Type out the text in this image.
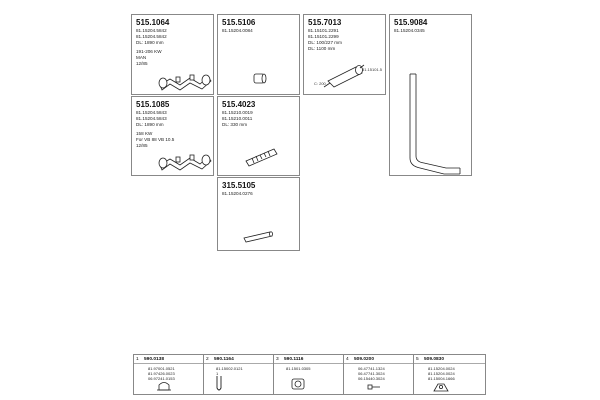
515.1064
81.15204.5842
81.15204.5842
DL: 1890 mm
191-206 KW
MAN
12/85
515.5106
81.15204.0084
515.7013
81.15101.2291
81.15101.2299
DL: 100/227 mm
DL: 1100 mm
81.15101.5
C: 200
515.9084
81.15204.0345
515.1085
81.15204.5843
81.15204.5843
DL: 1890 mm
158 KW
For VB 88 VB 10.5
12/85
515.4023
81.15210.0019
81.15210.0011
DL: 330 mm
315.5105
81.15204.0276
1 590.0138
81.97001.0521
81.97426.0023
06.97241.0153
2 590.1164
81.15002.0121
1
3 590.1116
81.1501.0305
4 509.0200
06.47741.1324
06.47741.3024
06.15440.3024
5 509.0830
81.15204.0024
81.15204.0024
81.15004.1666
